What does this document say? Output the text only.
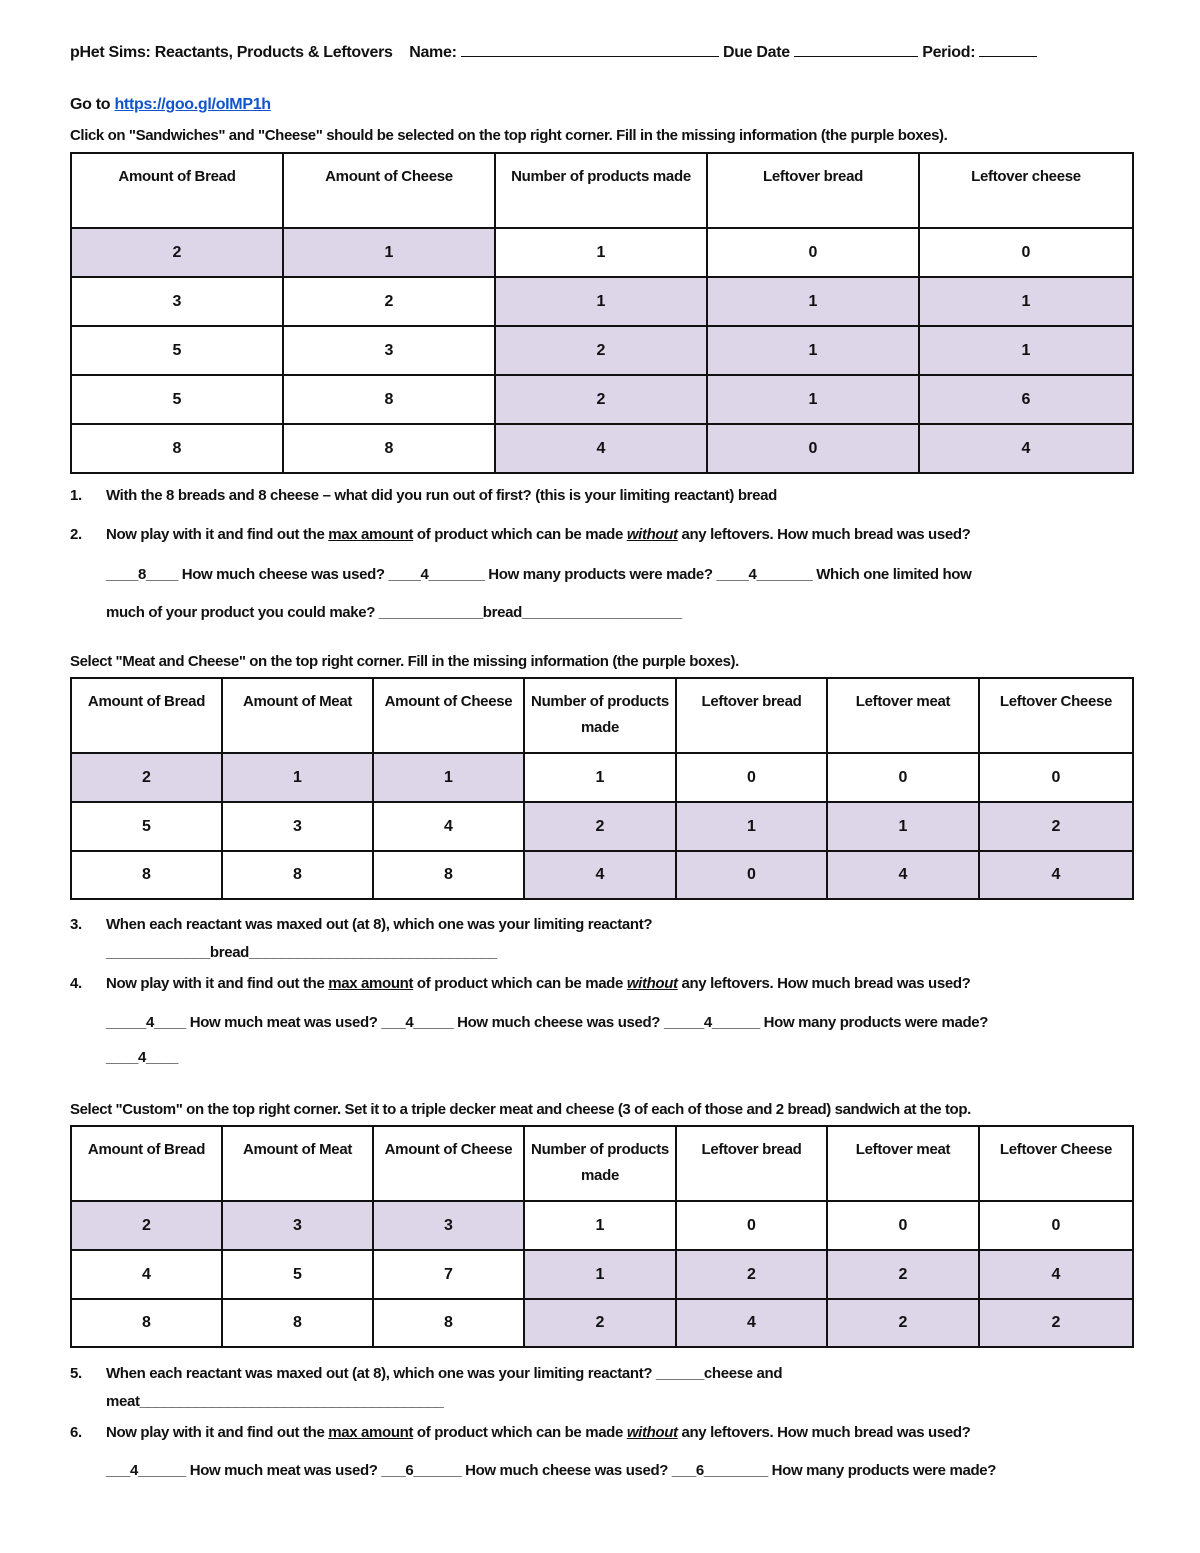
pHet Sims: Reactants, Products & Leftovers Name:	Due Date	Period:
Go to https://goo.gl/oIMP1h
Click on "Sandwiches" and "Cheese" should be selected on the top right corner. Fill in the missing information (the purple boxes).
Amount of Bread	Amount of Cheese	Number of products made	Leftover bread	Leftover cheese
2	1	1	0	0
3	2	1	1	1
5	3	2	1	1
5	8	2	1	6
8	8	4	0	4
1. With the 8 breads and 8 cheese – what did you run out of first? (this is your limiting reactant) bread
2. Now play with it and find out the max amount of product which can be made without any leftovers. How much bread was used?
____8____ How much cheese was used? ____4_______ How many products were made? ____4_______ Which one limited how
much of your product you could make? _____________bread____________________
Select "Meat and Cheese" on the top right corner. Fill in the missing information (the purple boxes).
Amount of Bread	Amount of Meat	Amount of Cheese	Number of products made	Leftover bread	Leftover meat	Leftover Cheese
2	1	1	1	0	0	0
5	3	4	2	1	1	2
8	8	8	4	0	4	4
3. When each reactant was maxed out (at 8), which one was your limiting reactant?
_____________bread_______________________________
4. Now play with it and find out the max amount of product which can be made without any leftovers. How much bread was used?
_____4____ How much meat was used? ___4_____ How much cheese was used? _____4______ How many products were made?
____4____
Select "Custom" on the top right corner. Set it to a triple decker meat and cheese (3 of each of those and 2 bread) sandwich at the top.
Amount of Bread	Amount of Meat	Amount of Cheese	Number of products made	Leftover bread	Leftover meat	Leftover Cheese
2	3	3	1	0	0	0
4	5	7	1	2	2	4
8	8	8	2	4	2	2
5. When each reactant was maxed out (at 8), which one was your limiting reactant? ______cheese and
meat______________________________________
6. Now play with it and find out the max amount of product which can be made without any leftovers. How much bread was used?
___4______ How much meat was used? ___6______ How much cheese was used? ___6________ How many products were made?
